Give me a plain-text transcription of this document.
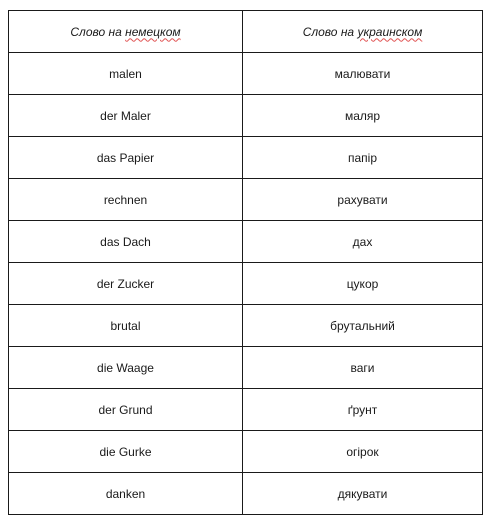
Слово на немецком	Слово на украинском
malen	малювати
der Maler	маляр
das Papier	папір
rechnen	рахувати
das Dach	дах
der Zucker	цукор
brutal	брутальний
die Waage	ваги
der Grund	ґрунт
die Gurke	огірок
danken	дякувати
